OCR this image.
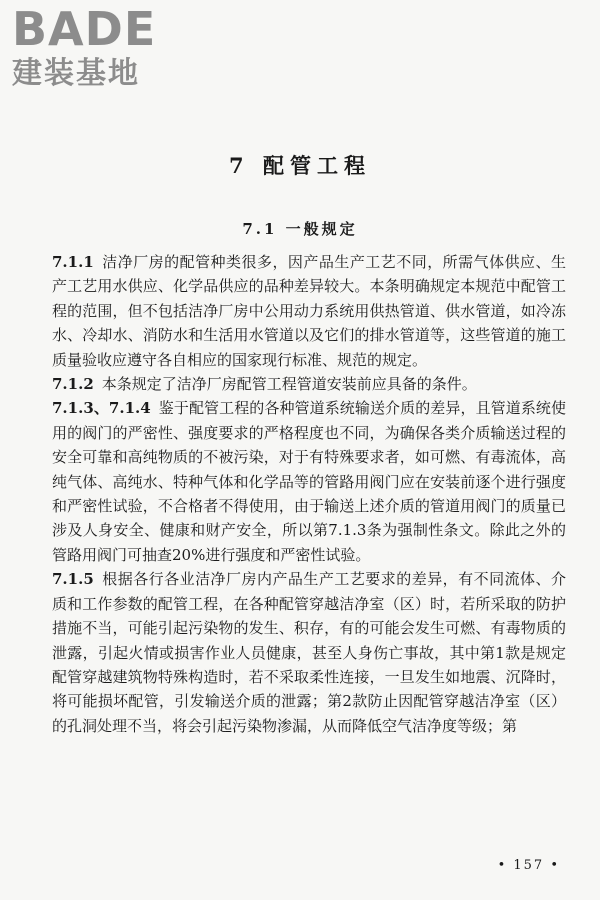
BADE
建装基地
7 配管工程
7.1 一般规定

7.1.1 洁净厂房的配管种类很多，因产品生产工艺不同，所需气体供应、生产工艺用水供应、化学品供应的品种差异较大。本条明确规定本规范中配管工程的范围，但不包括洁净厂房中公用动力系统用供热管道、供水管道，如冷冻水、冷却水、消防水和生活用水管道以及它们的排水管道等，这些管道的施工质量验收应遵守各自相应的国家现行标准、规范的规定。

7.1.2 本条规定了洁净厂房配管工程管道安装前应具备的条件。

7.1.3、7.1.4 鉴于配管工程的各种管道系统输送介质的差异，且管道系统使用的阀门的严密性、强度要求的严格程度也不同，为确保各类介质输送过程的安全可靠和高纯物质的不被污染，对于有特殊要求者，如可燃、有毒流体，高纯气体、高纯水、特种气体和化学品等的管路用阀门应在安装前逐个进行强度和严密性试验，不合格者不得使用，由于输送上述介质的管道用阀门的质量已涉及人身安全、健康和财产安全，所以第7.1.3条为强制性条文。除此之外的管路用阀门可抽查20%进行强度和严密性试验。

7.1.5 根据各行各业洁净厂房内产品生产工艺要求的差异，有不同流体、介质和工作参数的配管工程，在各种配管穿越洁净室（区）时，若所采取的防护措施不当，可能引起污染物的发生、积存，有的可能会发生可燃、有毒物质的泄露，引起火情或损害作业人员健康，甚至人身伤亡事故，其中第1款是规定配管穿越建筑物特殊构造时，若不采取柔性连接，一旦发生如地震、沉降时，将可能损坏配管，引发输送介质的泄露；第2款防止因配管穿越洁净室（区）的孔洞处理不当，将会引起污染物渗漏，从而降低空气洁净度等级；第

• 157 •
